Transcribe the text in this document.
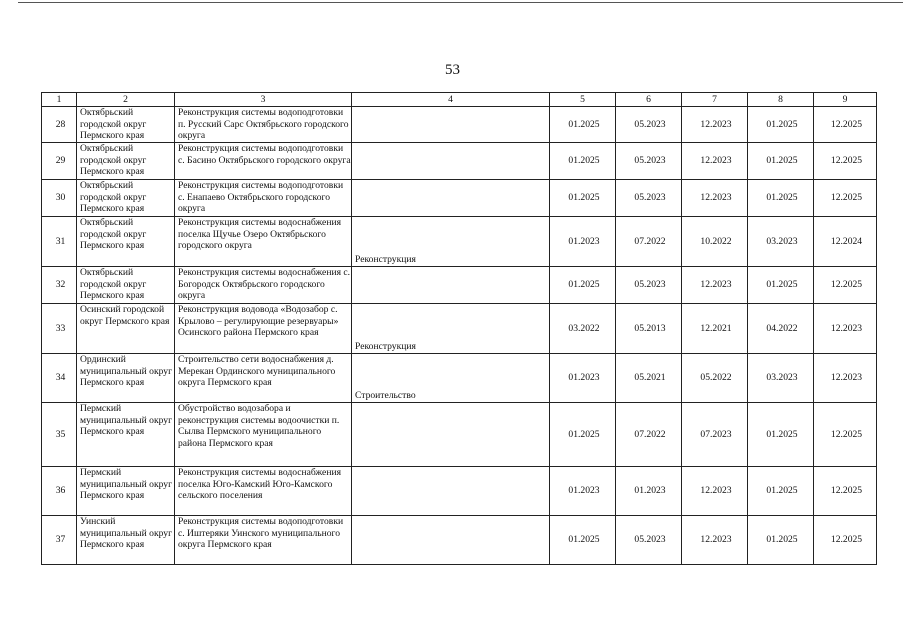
53
1	2	3	4	5	6	7	8	9
28	Октябрьский городской округ Пермского края	Реконструкция системы водоподготовки п. Русский Сарс Октябрьского городского округа		01.2025	05.2023	12.2023	01.2025	12.2025
29	Октябрьский городской округ Пермского края	Реконструкция системы водоподготовки с. Басино Октябрьского городского округа		01.2025	05.2023	12.2023	01.2025	12.2025
30	Октябрьский городской округ Пермского края	Реконструкция системы водоподготовки с. Енапаево Октябрьского городского округа		01.2025	05.2023	12.2023	01.2025	12.2025
31	Октябрьский городской округ Пермского края	Реконструкция системы водоснабжения поселка Щучье Озеро Октябрьского городского округа	Реконструкция	01.2023	07.2022	10.2022	03.2023	12.2024
32	Октябрьский городской округ Пермского края	Реконструкция системы водоснабжения с. Богородск Октябрьского городского округа		01.2025	05.2023	12.2023	01.2025	12.2025
33	Осинский городской округ Пермского края	Реконструкция водовода «Водозабор с. Крылово – регулирующие резервуары» Осинского района Пермского края	Реконструкция	03.2022	05.2013	12.2021	04.2022	12.2023
34	Ординский муниципальный округ Пермского края	Строительство сети водоснабжения д. Мерекан Ординского муниципального округа Пермского края	Строительство	01.2023	05.2021	05.2022	03.2023	12.2023
35	Пермский муниципальный округ Пермского края	Обустройство водозабора и реконструкция системы водоочистки п. Сылва Пермского муниципального района Пермского края		01.2025	07.2022	07.2023	01.2025	12.2025
36	Пермский муниципальный округ Пермского края	Реконструкция системы водоснабжения поселка Юго-Камский Юго-Камского сельского поселения		01.2023	01.2023	12.2023	01.2025	12.2025
37	Уинский муниципальный округ Пермского края	Реконструкция системы водоподготовки с. Иштеряки Уинского муниципального округа Пермского края		01.2025	05.2023	12.2023	01.2025	12.2025
